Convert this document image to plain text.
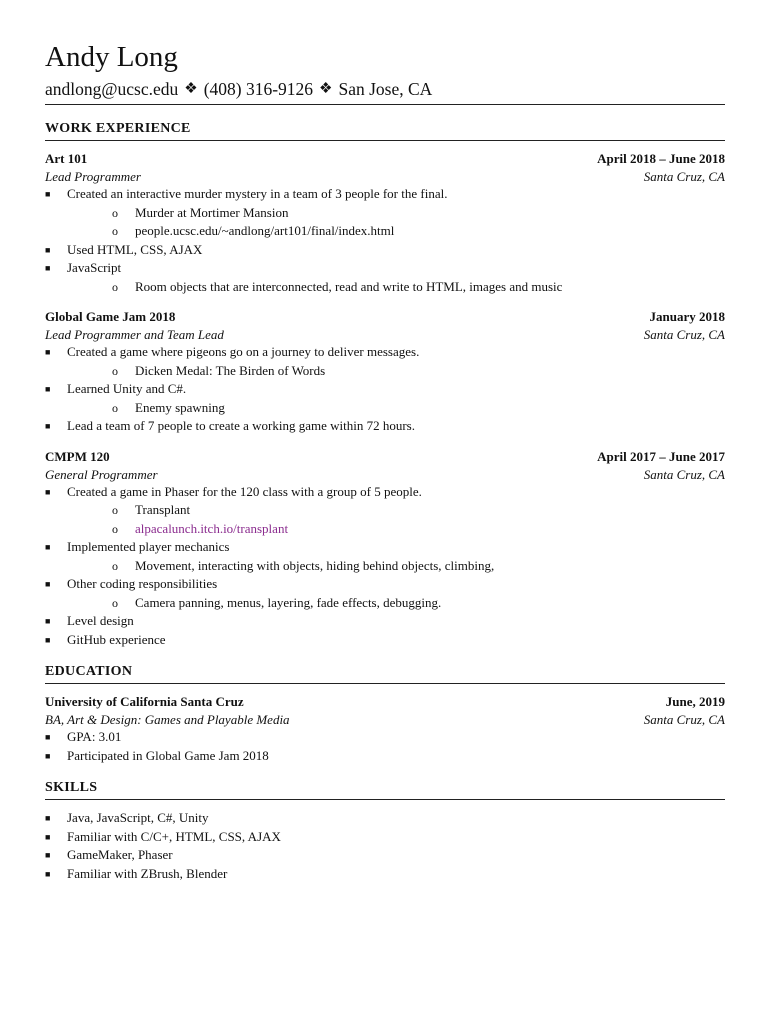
Andy Long
andlong@ucsc.edu ❖ (408) 316-9126 ❖ San Jose, CA
WORK EXPERIENCE
Art 101	April 2018 – June 2018
Lead Programmer	Santa Cruz, CA
■ Created an interactive murder mystery in a team of 3 people for the final.
o Murder at Mortimer Mansion
o people.ucsc.edu/~andlong/art101/final/index.html
■ Used HTML, CSS, AJAX
■ JavaScript
o Room objects that are interconnected, read and write to HTML, images and music
Global Game Jam 2018	January 2018
Lead Programmer and Team Lead	Santa Cruz, CA
■ Created a game where pigeons go on a journey to deliver messages.
o Dicken Medal: The Birden of Words
■ Learned Unity and C#.
o Enemy spawning
■ Lead a team of 7 people to create a working game within 72 hours.
CMPM 120	April 2017 – June 2017
General Programmer	Santa Cruz, CA
■ Created a game in Phaser for the 120 class with a group of 5 people.
o Transplant
o alpacalunch.itch.io/transplant
■ Implemented player mechanics
o Movement, interacting with objects, hiding behind objects, climbing,
■ Other coding responsibilities
o Camera panning, menus, layering, fade effects, debugging.
■ Level design
■ GitHub experience
EDUCATION
University of California Santa Cruz	June, 2019
BA, Art & Design: Games and Playable Media	Santa Cruz, CA
■ GPA: 3.01
■ Participated in Global Game Jam 2018
SKILLS
■ Java, JavaScript, C#, Unity
■ Familiar with C/C+, HTML, CSS, AJAX
■ GameMaker, Phaser
■ Familiar with ZBrush, Blender
